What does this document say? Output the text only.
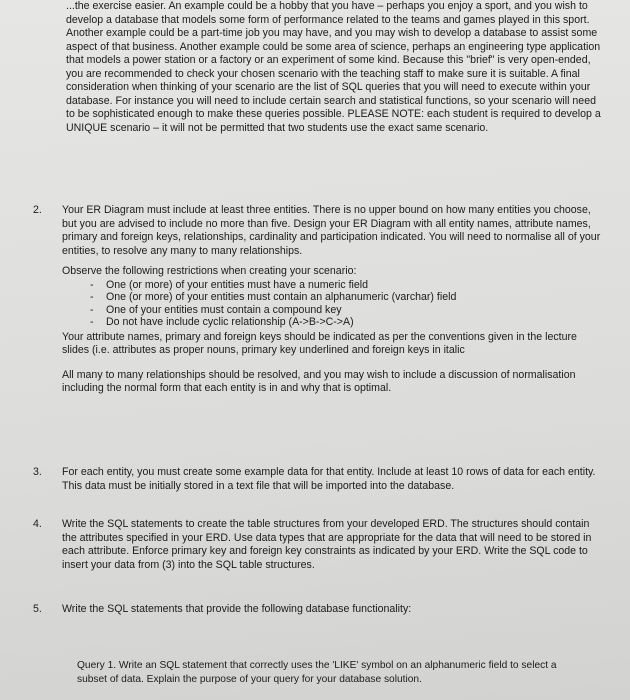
...the exercise easier. An example could be a hobby that you have – perhaps you enjoy a sport, and you wish to develop a database that models some form of performance related to the teams and games played in this sport. Another example could be a part-time job you may have, and you may wish to develop a database to assist some aspect of that business. Another example could be some area of science, perhaps an engineering type application that models a power station or a factory or an experiment of some kind. Because this "brief" is very open-ended, you are recommended to check your chosen scenario with the teaching staff to make sure it is suitable. A final consideration when thinking of your scenario are the list of SQL queries that you will need to execute within your database. For instance you will need to include certain search and statistical functions, so your scenario will need to be sophisticated enough to make these queries possible. PLEASE NOTE: each student is required to develop a UNIQUE scenario – it will not be permitted that two students use the exact same scenario.

2. Your ER Diagram must include at least three entities. There is no upper bound on how many entities you choose, but you are advised to include no more than five. Design your ER Diagram with all entity names, attribute names, primary and foreign keys, relationships, cardinality and participation indicated. You will need to normalise all of your entities, to resolve any many to many relationships.

Observe the following restrictions when creating your scenario:

- One (or more) of your entities must have a numeric field
- One (or more) of your entities must contain an alphanumeric (varchar) field
- One of your entities must contain a compound key
- Do not have include cyclic relationship (A->B->C->A)

Your attribute names, primary and foreign keys should be indicated as per the conventions given in the lecture slides (i.e. attributes as proper nouns, primary key underlined and foreign keys in italic

All many to many relationships should be resolved, and you may wish to include a discussion of normalisation including the normal form that each entity is in and why that is optimal.

3. For each entity, you must create some example data for that entity. Include at least 10 rows of data for each entity. This data must be initially stored in a text file that will be imported into the database.

4. Write the SQL statements to create the table structures from your developed ERD. The structures should contain the attributes specified in your ERD. Use data types that are appropriate for the data that will need to be stored in each attribute. Enforce primary key and foreign key constraints as indicated by your ERD. Write the SQL code to insert your data from (3) into the SQL table structures.

5. Write the SQL statements that provide the following database functionality:

Query 1. Write an SQL statement that correctly uses the 'LIKE' symbol on an alphanumeric field to select a subset of data. Explain the purpose of your query for your database solution.
